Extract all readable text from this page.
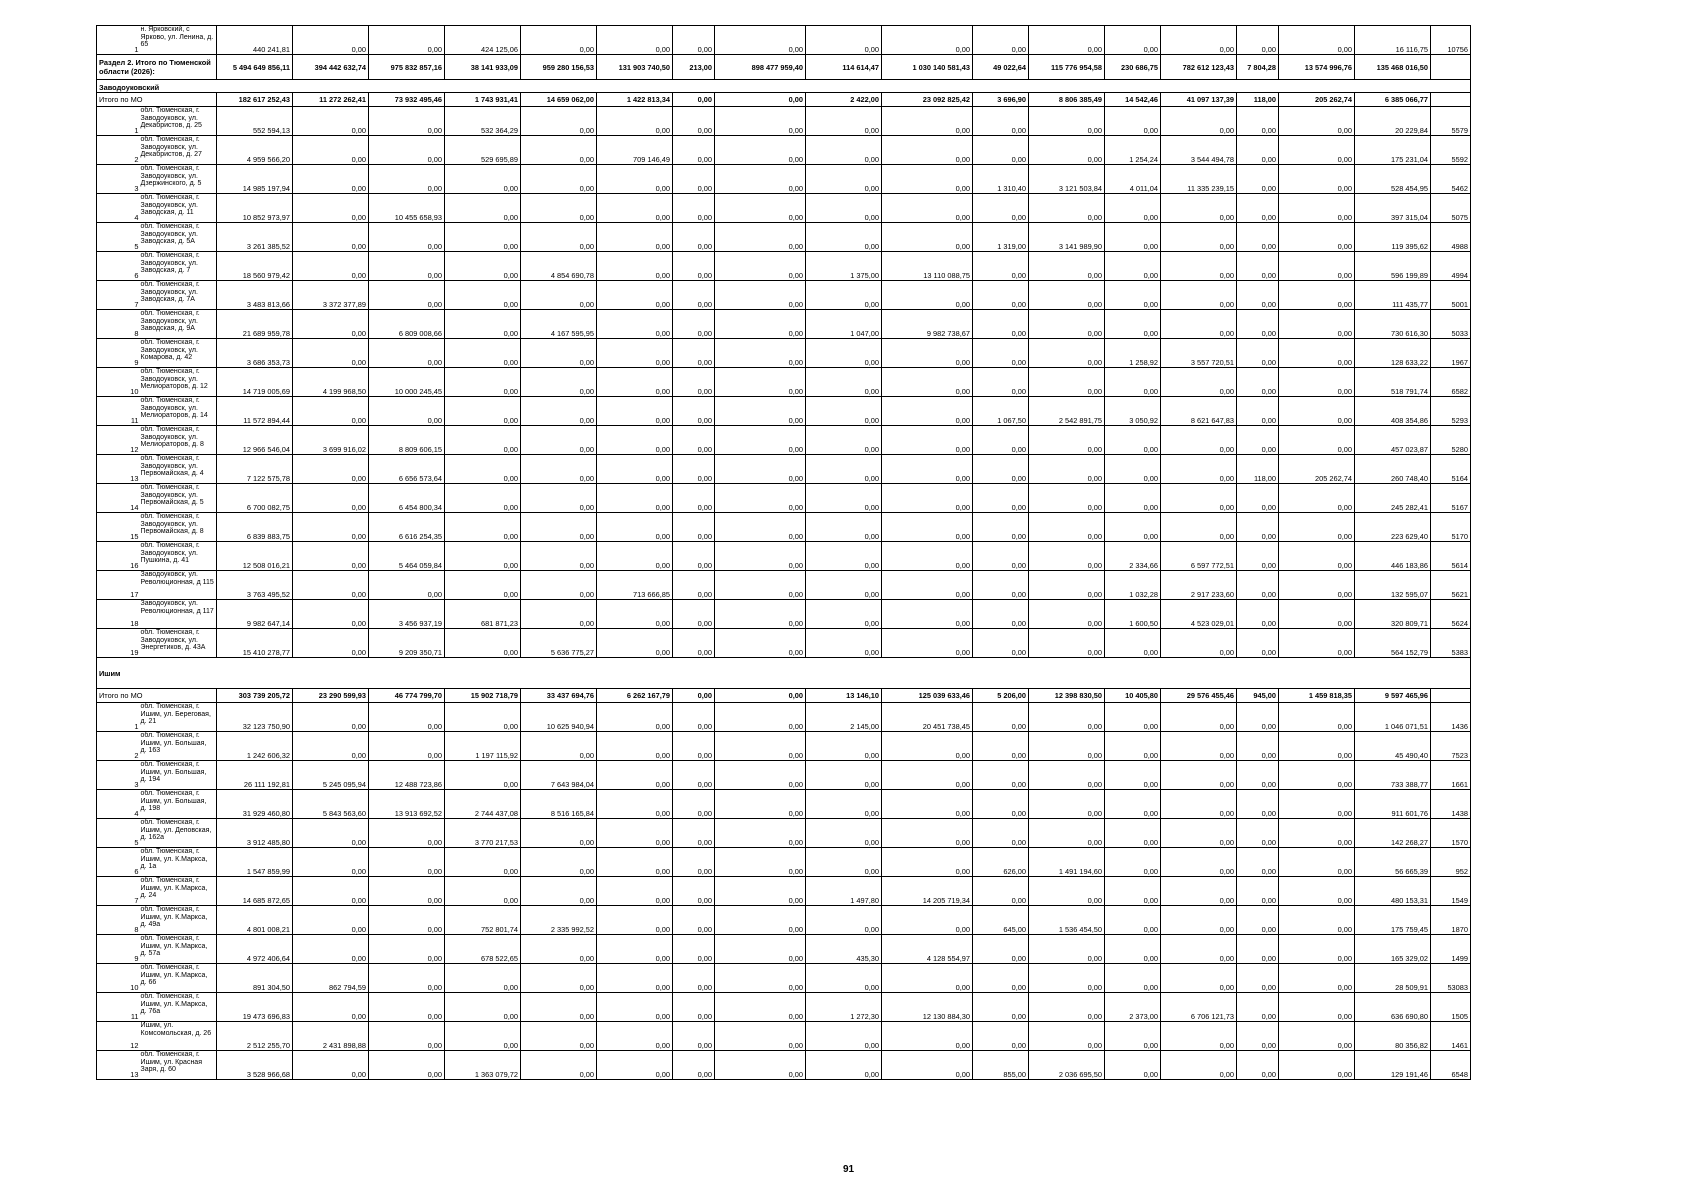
1	н. Ярковский, с Ярково, ул. Ленина, д. 65	440 241,81	0,00	0,00	424 125,06	0,00	0,00	0,00	0,00	0,00	0,00	0,00	0,00	0,00	0,00	0,00	0,00	16 116,75	10756
Раздел 2. Итого по Тюменской области (2026):		5 494 649 856,11	394 442 632,74	975 832 857,16	38 141 933,09	959 280 156,53	131 903 740,50	213,00	898 477 959,40	114 614,47	1 030 140 581,43	49 022,64	115 776 954,58	230 686,75	782 612 123,43	7 804,28	13 574 996,76	135 468 016,50	
Заводоуковский																			
Итого по МО		182 617 252,43	11 272 262,41	73 932 495,46	1 743 931,41	14 659 062,00	1 422 813,34	0,00	0,00	2 422,00	23 092 825,42	3 696,90	8 806 385,49	14 542,46	41 097 137,39	118,00	205 262,74	6 385 066,77	
1	обл. Тюменская, г. Заводоуковск, ул. Декабристов, д. 25	552 594,13	0,00	0,00	532 364,29	0,00	0,00	0,00	0,00	0,00	0,00	0,00	0,00	0,00	0,00	0,00	0,00	20 229,84	5579
2	обл. Тюменская, г. Заводоуковск, ул. Декабристов, д. 27	4 959 566,20	0,00	0,00	529 695,89	0,00	709 146,49	0,00	0,00	0,00	0,00	0,00	0,00	1 254,24	3 544 494,78	0,00	0,00	175 231,04	5592
3	обл. Тюменская, г. Заводоуковск, ул. Дзержинского, д. 5	14 985 197,94	0,00	0,00	0,00	0,00	0,00	0,00	0,00	0,00	0,00	1 310,40	3 121 503,84	4 011,04	11 335 239,15	0,00	0,00	528 454,95	5462
4	обл. Тюменская, г. Заводоуковск, ул. Заводская, д. 11	10 852 973,97	0,00	10 455 658,93	0,00	0,00	0,00	0,00	0,00	0,00	0,00	0,00	0,00	0,00	0,00	0,00	0,00	397 315,04	5075
5	обл. Тюменская, г. Заводоуковск, ул. Заводская, д. 5А	3 261 385,52	0,00	0,00	0,00	0,00	0,00	0,00	0,00	0,00	0,00	1 319,00	3 141 989,90	0,00	0,00	0,00	0,00	119 395,62	4988
6	обл. Тюменская, г. Заводоуковск, ул. Заводская, д. 7	18 560 979,42	0,00	0,00	0,00	4 854 690,78	0,00	0,00	0,00	1 375,00	13 110 088,75	0,00	0,00	0,00	0,00	0,00	0,00	596 199,89	4994
7	обл. Тюменская, г. Заводоуковск, ул. Заводская, д. 7А	3 483 813,66	3 372 377,89	0,00	0,00	0,00	0,00	0,00	0,00	0,00	0,00	0,00	0,00	0,00	0,00	0,00	0,00	111 435,77	5001
8	обл. Тюменская, г. Заводоуковск, ул. Заводская, д. 9А	21 689 959,78	0,00	6 809 008,66	0,00	4 167 595,95	0,00	0,00	0,00	1 047,00	9 982 738,67	0,00	0,00	0,00	0,00	0,00	0,00	730 616,30	5033
9	обл. Тюменская, г. Заводоуковск, ул. Комарова, д. 42	3 686 353,73	0,00	0,00	0,00	0,00	0,00	0,00	0,00	0,00	0,00	0,00	0,00	1 258,92	3 557 720,51	0,00	0,00	128 633,22	1967
10	обл. Тюменская, г. Заводоуковск, ул. Мелиораторов, д. 12	14 719 005,69	4 199 968,50	10 000 245,45	0,00	0,00	0,00	0,00	0,00	0,00	0,00	0,00	0,00	0,00	0,00	0,00	0,00	518 791,74	6582
11	обл. Тюменская, г. Заводоуковск, ул. Мелиораторов, д. 14	11 572 894,44	0,00	0,00	0,00	0,00	0,00	0,00	0,00	0,00	0,00	1 067,50	2 542 891,75	3 050,92	8 621 647,83	0,00	0,00	408 354,86	5293
12	обл. Тюменская, г. Заводоуковск, ул. Мелиораторов, д. 8	12 966 546,04	3 699 916,02	8 809 606,15	0,00	0,00	0,00	0,00	0,00	0,00	0,00	0,00	0,00	0,00	0,00	0,00	0,00	457 023,87	5280
13	обл. Тюменская, г. Заводоуковск, ул. Первомайская, д. 4	7 122 575,78	0,00	6 656 573,64	0,00	0,00	0,00	0,00	0,00	0,00	0,00	0,00	0,00	0,00	0,00	118,00	205 262,74	260 748,40	5164
14	обл. Тюменская, г. Заводоуковск, ул. Первомайская, д. 5	6 700 082,75	0,00	6 454 800,34	0,00	0,00	0,00	0,00	0,00	0,00	0,00	0,00	0,00	0,00	0,00	0,00	0,00	245 282,41	5167
15	обл. Тюменская, г. Заводоуковск, ул. Первомайская, д. 8	6 839 883,75	0,00	6 616 254,35	0,00	0,00	0,00	0,00	0,00	0,00	0,00	0,00	0,00	0,00	0,00	0,00	0,00	223 629,40	5170
16	обл. Тюменская, г. Заводоуковск, ул. Пушкина, д. 41	12 508 016,21	0,00	5 464 059,84	0,00	0,00	0,00	0,00	0,00	0,00	0,00	0,00	0,00	2 334,66	6 597 772,51	0,00	0,00	446 183,86	5614
17	Заводоуковск, ул. Революционная, д 115	3 763 495,52	0,00	0,00	0,00	0,00	713 666,85	0,00	0,00	0,00	0,00	0,00	0,00	1 032,28	2 917 233,60	0,00	0,00	132 595,07	5621
18	Заводоуковск, ул. Революционная, д 117	9 982 647,14	0,00	3 456 937,19	681 871,23	0,00	0,00	0,00	0,00	0,00	0,00	0,00	0,00	1 600,50	4 523 029,01	0,00	0,00	320 809,71	5624
19	обл. Тюменская, г. Заводоуковск, ул. Энергетиков, д. 43А	15 410 278,77	0,00	9 209 350,71	0,00	5 636 775,27	0,00	0,00	0,00	0,00	0,00	0,00	0,00	0,00	0,00	0,00	0,00	564 152,79	5383
Ишим																			
Итого по МО		303 739 205,72	23 290 599,93	46 774 799,70	15 902 718,79	33 437 694,76	6 262 167,79	0,00	0,00	13 146,10	125 039 633,46	5 206,00	12 398 830,50	10 405,80	29 576 455,46	945,00	1 459 818,35	9 597 465,96	
1	обл. Тюменская, г. Ишим, ул. Береговая, д. 21	32 123 750,90	0,00	0,00	0,00	10 625 940,94	0,00	0,00	0,00	2 145,00	20 451 738,45	0,00	0,00	0,00	0,00	0,00	0,00	1 046 071,51	1436
2	обл. Тюменская, г. Ишим, ул. Большая, д. 163	1 242 606,32	0,00	0,00	1 197 115,92	0,00	0,00	0,00	0,00	0,00	0,00	0,00	0,00	0,00	0,00	0,00	0,00	45 490,40	7523
3	обл. Тюменская, г. Ишим, ул. Большая, д. 194	26 111 192,81	5 245 095,94	12 488 723,86	0,00	7 643 984,04	0,00	0,00	0,00	0,00	0,00	0,00	0,00	0,00	0,00	0,00	0,00	733 388,77	1661
4	обл. Тюменская, г. Ишим, ул. Большая, д. 198	31 929 460,80	5 843 563,60	13 913 692,52	2 744 437,08	8 516 165,84	0,00	0,00	0,00	0,00	0,00	0,00	0,00	0,00	0,00	0,00	0,00	911 601,76	1438
5	обл. Тюменская, г. Ишим, ул. Деповская, д. 162а	3 912 485,80	0,00	0,00	3 770 217,53	0,00	0,00	0,00	0,00	0,00	0,00	0,00	0,00	0,00	0,00	0,00	0,00	142 268,27	1570
6	обл. Тюменская, г. Ишим, ул. К.Маркса, д. 1а	1 547 859,99	0,00	0,00	0,00	0,00	0,00	0,00	0,00	0,00	0,00	626,00	1 491 194,60	0,00	0,00	0,00	0,00	56 665,39	952
7	обл. Тюменская, г. Ишим, ул. К.Маркса, д. 24	14 685 872,65	0,00	0,00	0,00	0,00	0,00	0,00	0,00	1 497,80	14 205 719,34	0,00	0,00	0,00	0,00	0,00	0,00	480 153,31	1549
8	обл. Тюменская, г. Ишим, ул. К.Маркса, д. 49а	4 801 008,21	0,00	0,00	752 801,74	2 335 992,52	0,00	0,00	0,00	0,00	0,00	645,00	1 536 454,50	0,00	0,00	0,00	0,00	175 759,45	1870
9	обл. Тюменская, г. Ишим, ул. К.Маркса, д. 57а	4 972 406,64	0,00	0,00	678 522,65	0,00	0,00	0,00	0,00	435,30	4 128 554,97	0,00	0,00	0,00	0,00	0,00	0,00	165 329,02	1499
10	обл. Тюменская, г. Ишим, ул. К.Маркса, д. 66	891 304,50	862 794,59	0,00	0,00	0,00	0,00	0,00	0,00	0,00	0,00	0,00	0,00	0,00	0,00	0,00	0,00	28 509,91	53083
11	обл. Тюменская, г. Ишим, ул. К.Маркса, д. 76а	19 473 696,83	0,00	0,00	0,00	0,00	0,00	0,00	0,00	1 272,30	12 130 884,30	0,00	0,00	2 373,00	6 706 121,73	0,00	0,00	636 690,80	1505
12	Ишим, ул. Комсомольская, д. 26	2 512 255,70	2 431 898,88	0,00	0,00	0,00	0,00	0,00	0,00	0,00	0,00	0,00	0,00	0,00	0,00	0,00	0,00	80 356,82	1461
13	обл. Тюменская, г. Ишим, ул. Красная Заря, д. 60	3 528 966,68	0,00	0,00	1 363 079,72	0,00	0,00	0,00	0,00	0,00	0,00	855,00	2 036 695,50	0,00	0,00	0,00	0,00	129 191,46	6548
91
